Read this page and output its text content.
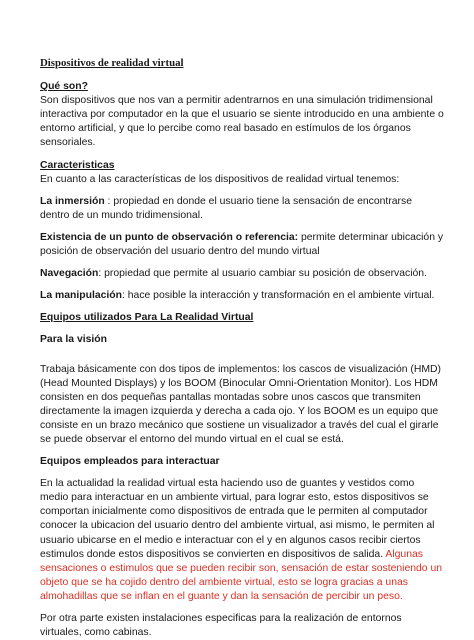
Dispositivos de realidad virtual

Qué son?

Son dispositivos que nos van a permitir adentrarnos en una simulación tridimensional interactiva por computador en la que el usuario se siente introducido en una ambiente o entorno artificial, y que lo percibe como real basado en estímulos de los órganos sensoriales.

Caracteristicas

En cuanto a las características de los dispositivos de realidad virtual tenemos:

La inmersión : propiedad en donde el usuario tiene la sensación de encontrarse dentro de un mundo tridimensional.

Existencia de un punto de observación o referencia: permite determinar ubicación y posición de observación del usuario dentro del mundo virtual

Navegación: propiedad que permite al usuario cambiar su posición de observación.

La manipulación: hace posible la interacción y transformación en el ambiente virtual.

Equipos utilizados Para La Realidad Virtual

Para la visión

Trabaja básicamente con dos tipos de implementos: los cascos de visualización (HMD) (Head Mounted Displays) y los BOOM (Binocular Omni-Orientation Monitor). Los HDM consisten en dos pequeñas pantallas montadas sobre unos cascos que transmiten directamente la imagen izquierda y derecha a cada ojo. Y los BOOM es un equipo que consiste en un brazo mecánico que sostiene un visualizador a través del cual el girarle se puede observar el entorno del mundo virtual en el cual se está.

Equipos empleados para interactuar

En la actualidad la realidad virtual esta haciendo uso de guantes y vestidos como medio para interactuar en un ambiente virtual, para lograr esto, estos dispositivos se comportan inicialmente como dispositivos de entrada que le permiten al computador conocer la ubicacion del usuario dentro del ambiente virtual, asi mismo, le permiten al usuario ubicarse en el medio e interactuar con el y en algunos casos recibir ciertos estimulos donde estos dispositivos se convierten en dispositivos de salida. Algunas sensaciones o estimulos que se pueden recibir son, sensación de estar sosteniendo un objeto que se ha cojido dentro del ambiente virtual, esto se logra gracias a unas almohadillas que se inflan en el guante y dan la sensación de percibir un peso.

Por otra parte existen instalaciones especificas para la realización de entornos virtuales, como cabinas.
